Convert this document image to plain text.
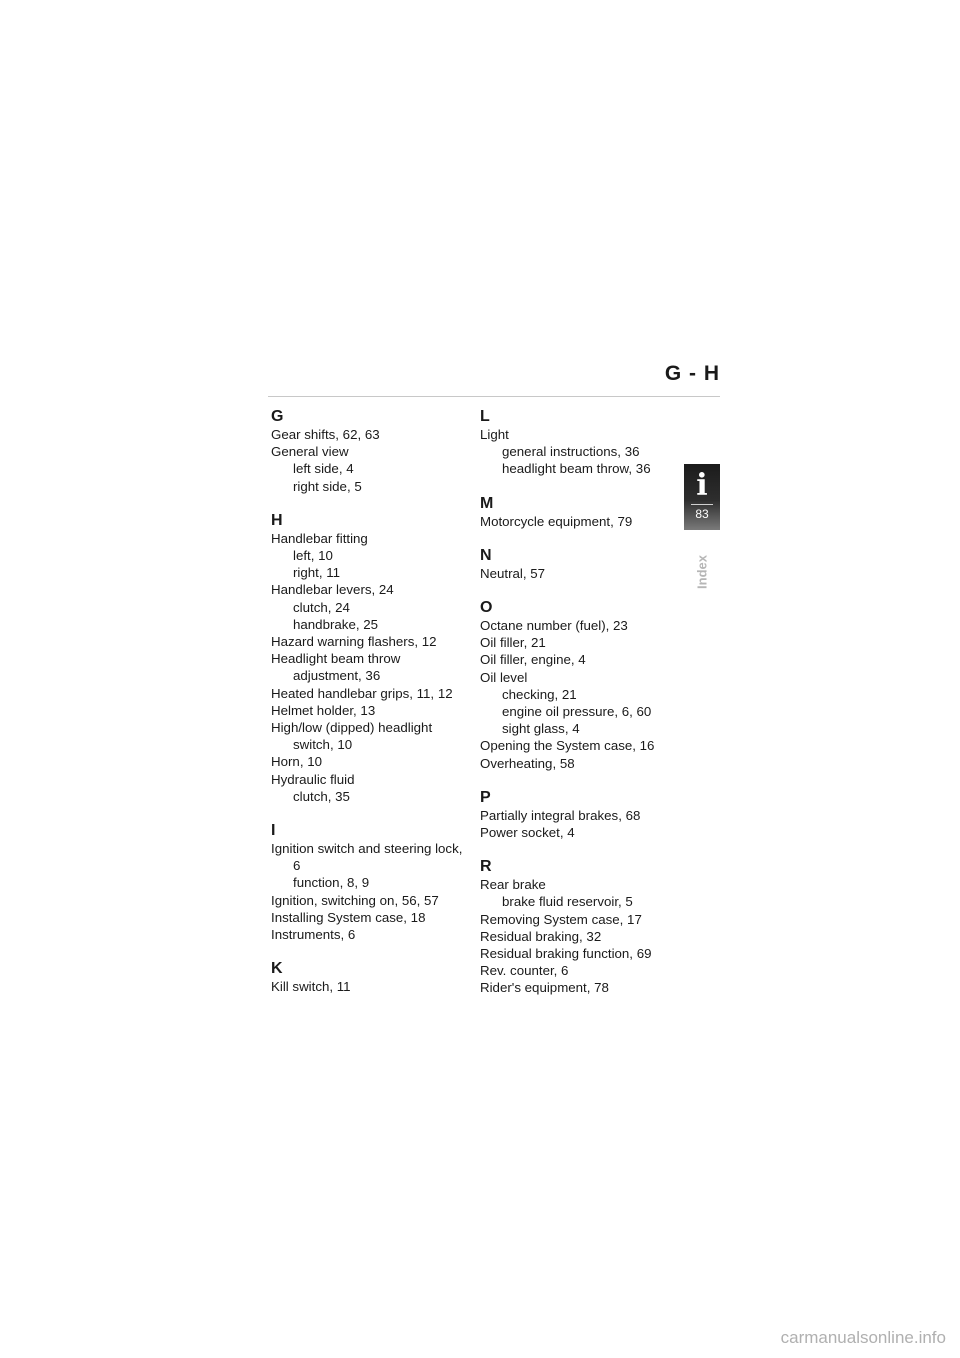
G - H
i
83
Index
G
Gear shifts, 62, 63
General view
left side, 4
right side, 5
H
Handlebar fitting
left, 10
right, 11
Handlebar levers, 24
clutch, 24
handbrake, 25
Hazard warning flashers, 12
Headlight beam throw
adjustment, 36
Heated handlebar grips, 11, 12
Helmet holder, 13
High/low (dipped) headlight
switch, 10
Horn, 10
Hydraulic fluid
clutch, 35
I
Ignition switch and steering lock,
6
function, 8, 9
Ignition, switching on, 56, 57
Installing System case, 18
Instruments, 6
K
Kill switch, 11
L
Light
general instructions, 36
headlight beam throw, 36
M
Motorcycle equipment, 79
N
Neutral, 57
O
Octane number (fuel), 23
Oil filler, 21
Oil filler, engine, 4
Oil level
checking, 21
engine oil pressure, 6, 60
sight glass, 4
Opening the System case, 16
Overheating, 58
P
Partially integral brakes, 68
Power socket, 4
R
Rear brake
brake fluid reservoir, 5
Removing System case, 17
Residual braking, 32
Residual braking function, 69
Rev. counter, 6
Rider's equipment, 78
carmanualsonline.info
